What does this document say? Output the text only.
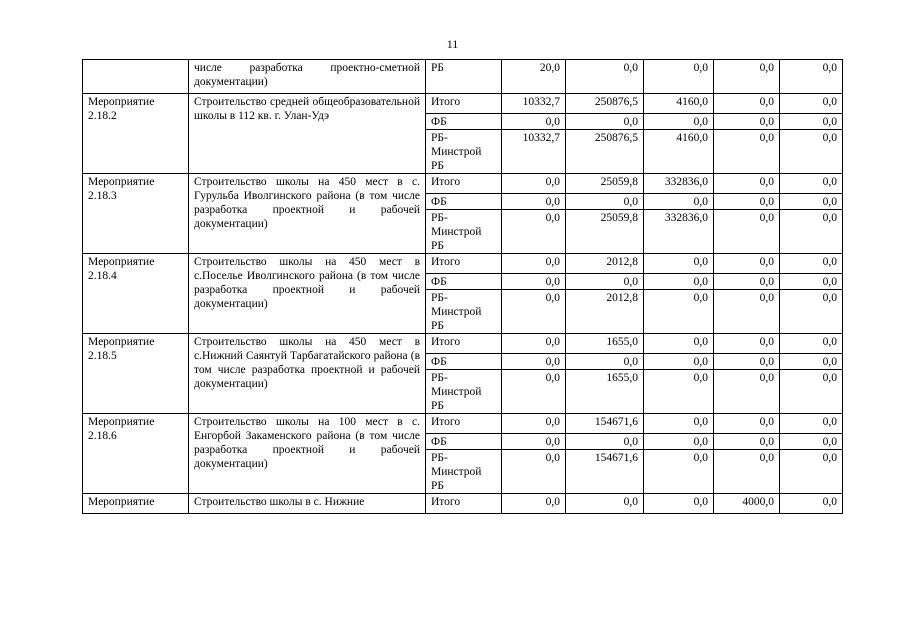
11
	числе разработка проектно-сметной документации)	РБ	20,0	0,0	0,0	0,0	0,0
Мероприятие 2.18.2	Строительство средней общеобразовательной школы в 112 кв. г. Улан-Удэ	Итого	10332,7	250876,5	4160,0	0,0	0,0
		ФБ	0,0	0,0	0,0	0,0	0,0
		РБ-
Минстрой
РБ	10332,7	250876,5	4160,0	0,0	0,0
Мероприятие 2.18.3	Строительство школы на 450 мест в с. Гурульба Иволгинского района (в том числе разработка проектной и рабочей документации)	Итого	0,0	25059,8	332836,0	0,0	0,0
		ФБ	0,0	0,0	0,0	0,0	0,0
		РБ-
Минстрой
РБ	0,0	25059,8	332836,0	0,0	0,0
Мероприятие 2.18.4	Строительство школы на 450 мест в с.Поселье Иволгинского района (в том числе разработка проектной и рабочей документации)	Итого	0,0	2012,8	0,0	0,0	0,0
		ФБ	0,0	0,0	0,0	0,0	0,0
		РБ-
Минстрой
РБ	0,0	2012,8	0,0	0,0	0,0
Мероприятие 2.18.5	Строительство школы на 450 мест в с.Нижний Саянтуй Тарбагатайского района (в том числе разработка проектной и рабочей документации)	Итого	0,0	1655,0	0,0	0,0	0,0
		ФБ	0,0	0,0	0,0	0,0	0,0
		РБ-
Минстрой
РБ	0,0	1655,0	0,0	0,0	0,0
Мероприятие 2.18.6	Строительство школы на 100 мест в с. Енгорбой Закаменского района (в том числе разработка проектной и рабочей документации)	Итого	0,0	154671,6	0,0	0,0	0,0
		ФБ	0,0	0,0	0,0	0,0	0,0
		РБ-
Минстрой
РБ	0,0	154671,6	0,0	0,0	0,0
Мероприятие	Строительство школы в с. Нижние	Итого	0,0	0,0	0,0	4000,0	0,0
